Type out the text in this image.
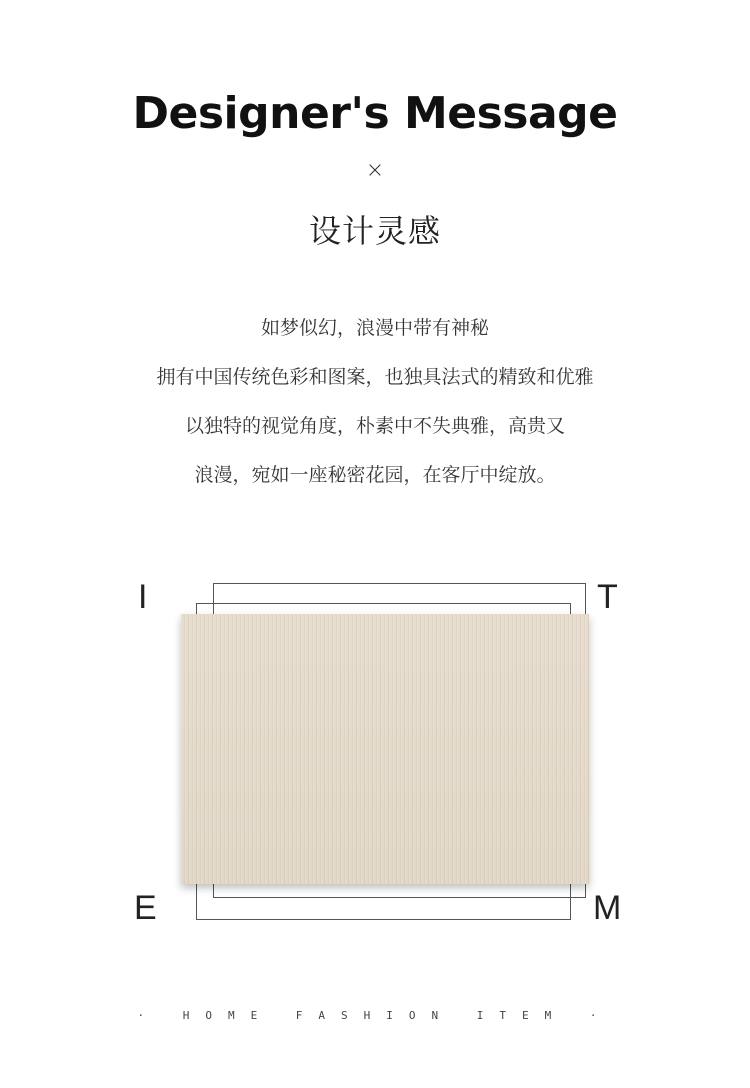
Designer's Message
×
设计灵感
如梦似幻，浪漫中带有神秘
拥有中国传统色彩和图案，也独具法式的精致和优雅
以独特的视觉角度，朴素中不失典雅，高贵又
浪漫，宛如一座秘密花园，在客厅中绽放。
I	T
E	M
· HOME FASHION ITEM ·
